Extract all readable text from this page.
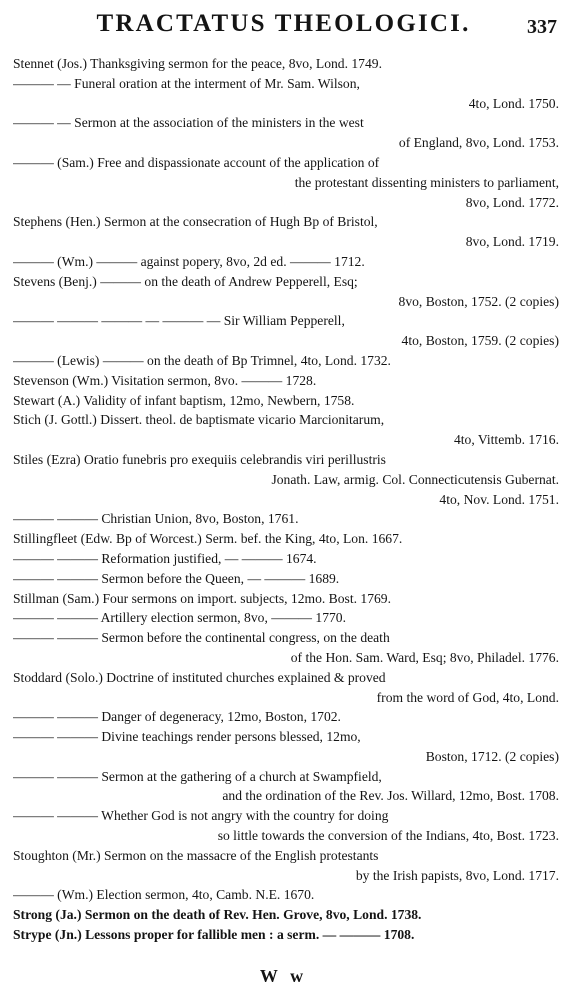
TRACTATUS THEOLOGICI.	337
Stennet (Jos.) Thanksgiving sermon for the peace, 8vo, Lond. 1749.
——— — Funeral oration at the interment of Mr. Sam. Wilson,
4to, Lond. 1750.
——— — Sermon at the association of the ministers in the west
of England, 8vo, Lond. 1753.
——— (Sam.) Free and dispassionate account of the application of
the protestant dissenting ministers to parliament,
8vo, Lond. 1772.
Stephens (Hen.) Sermon at the consecration of Hugh Bp of Bristol,
8vo, Lond. 1719.
——— (Wm.) ——— against popery, 8vo, 2d ed. ——— 1712.
Stevens (Benj.) ——— on the death of Andrew Pepperell, Esq;
8vo, Boston, 1752. (2 copies)
——— ——— ——— — ——— — Sir William Pepperell,
4to, Boston, 1759. (2 copies)
——— (Lewis) ——— on the death of Bp Trimnel, 4to, Lond. 1732.
Stevenson (Wm.) Visitation sermon, 8vo. ——— 1728.
Stewart (A.) Validity of infant baptism, 12mo, Newbern, 1758.
Stich (J. Gottl.) Dissert. theol. de baptismate vicario Marcionitarum,
4to, Vittemb. 1716.
Stiles (Ezra) Oratio funebris pro exequiis celebrandis viri perillustris
Jonath. Law, armig. Col. Connecticutensis Gubernat.
4to, Nov. Lond. 1751.
——— ——— Christian Union, 8vo, Boston, 1761.
Stillingfleet (Edw. Bp of Worcest.) Serm. bef. the King, 4to, Lon. 1667.
——— ——— Reformation justified, — ——— 1674.
——— ——— Sermon before the Queen, — ——— 1689.
Stillman (Sam.) Four sermons on import. subjects, 12mo. Bost. 1769.
——— ——— Artillery election sermon, 8vo, ——— 1770.
——— ——— Sermon before the continental congress, on the death
of the Hon. Sam. Ward, Esq; 8vo, Philadel. 1776.
Stoddard (Solo.) Doctrine of instituted churches explained & proved
from the word of God, 4to, Lond.
——— ——— Danger of degeneracy, 12mo, Boston, 1702.
——— ——— Divine teachings render persons blessed, 12mo,
Boston, 1712. (2 copies)
——— ——— Sermon at the gathering of a church at Swampfield,
and the ordination of the Rev. Jos. Willard, 12mo, Bost. 1708.
——— ——— Whether God is not angry with the country for doing
so little towards the conversion of the Indians, 4to, Bost. 1723.
Stoughton (Mr.) Sermon on the massacre of the English protestants
by the Irish papists, 8vo, Lond. 1717.
——— (Wm.) Election sermon, 4to, Camb. N.E. 1670.
Strong (Ja.) Sermon on the death of Rev. Hen. Grove, 8vo, Lond. 1738.
Strype (Jn.) Lessons proper for fallible men : a serm. — ——— 1708.
W w
